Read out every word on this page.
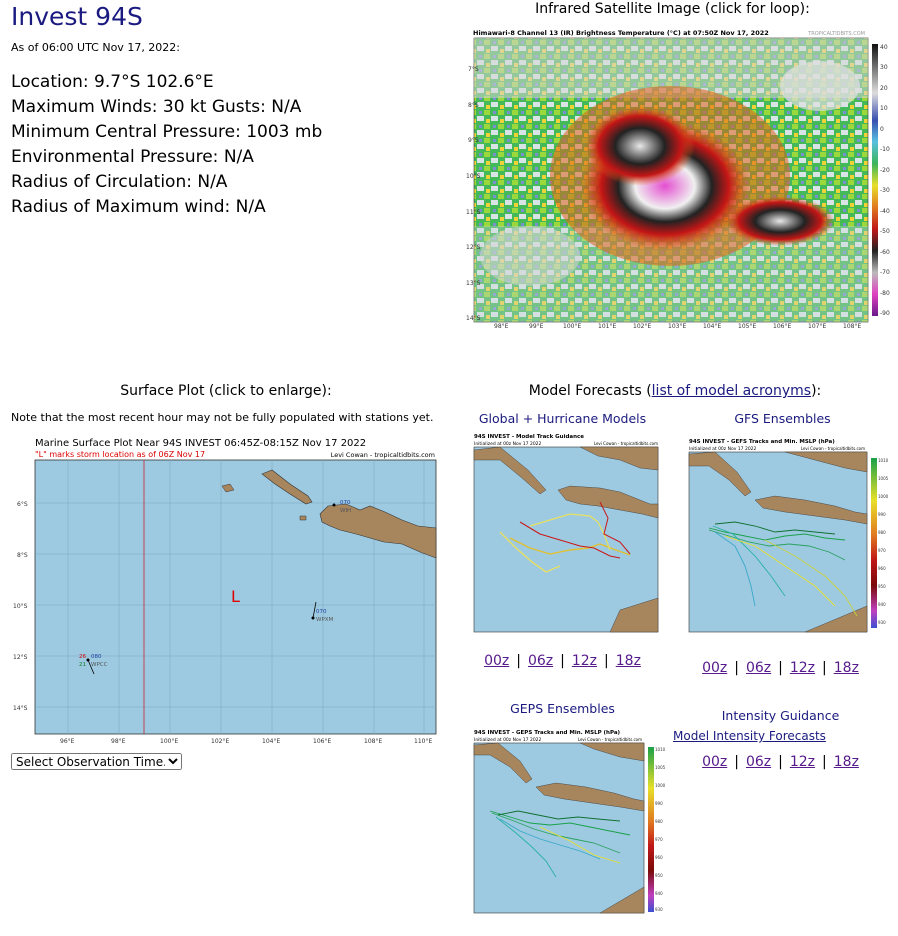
Invest 94S
As of 06:00 UTC Nov 17, 2022:
Location: 9.7°S 102.6°E
Maximum Winds: 30 kt Gusts: N/A
Minimum Central Pressure: 1003 mb
Environmental Pressure: N/A
Radius of Circulation: N/A
Radius of Maximum wind: N/A
Infrared Satellite Image (click for loop):
Himawari-8 Channel 13 (IR) Brightness Temperature (°C) at 07:50Z Nov 17, 2022	TROPICALTIDBITS.COM
7°S
8°S
9°S
10°S
11°S
12°S
13°S
14°S
98°E	99°E	100°E	101°E	102°E	103°E	104°E	105°E	106°E	107°E	108°E
40
30
20
10
0
-10
-20
-30
-40
-50
-60
-70
-80
-90
Surface Plot (click to enlarge):
Note that the most recent hour may not be fully populated with stations yet.
Marine Surface Plot Near 94S INVEST 06:45Z-08:15Z Nov 17 2022
"L" marks storm location as of 06Z Nov 17	Levi Cowan - tropicaltidbits.com
L
070
WIH
070
WPXM
26 080
21 WPCC
6°S
8°S
10°S
12°S
14°S
96°E	98°E	100°E	102°E	104°E	106°E	108°E	110°E
Select Observation Time...
Model Forecasts (list of model acronyms):
Global + Hurricane Models
94S INVEST - Model Track Guidance
Initialized at 00z Nov 17 2022	Levi Cowan - tropicaltidbits.com
GFS Ensembles
94S INVEST - GEFS Tracks and Min. MSLP (hPa)
Initialized at 00z Nov 17 2022	Levi Cowan - tropicaltidbits.com
1010
1005
1000
990
980
970
960
950
940
930
00z | 06z | 12z | 18z	00z | 06z | 12z | 18z
GEPS Ensembles
94S INVEST - GEPS Tracks and Min. MSLP (hPa)
Initialized at 00z Nov 17 2022	Levi Cowan - tropicaltidbits.com
1010
1005
1000
990
980
970
960
950
940
930
Intensity Guidance
Model Intensity Forecasts
00z | 06z | 12z | 18z
